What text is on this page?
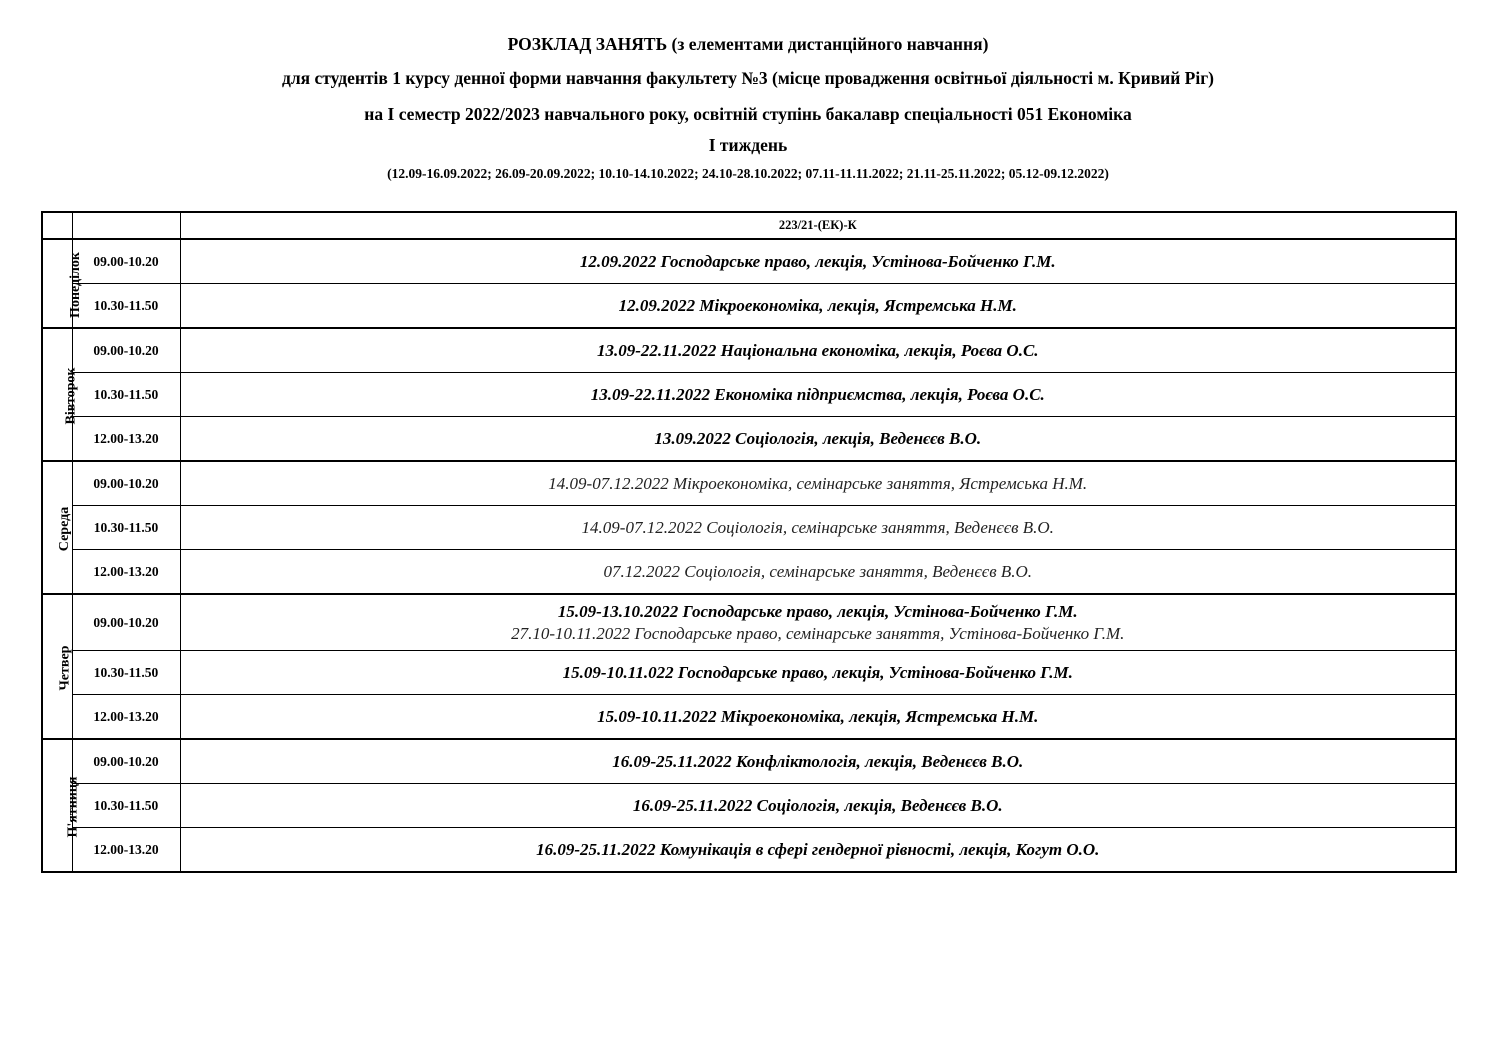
РОЗКЛАД ЗАНЯТЬ (з елементами дистанційного навчання)
для студентів 1 курсу денної форми навчання факультету №3 (місце провадження освітньої діяльності м. Кривий Ріг)
на I семестр 2022/2023 навчального року, освітній ступінь бакалавр спеціальності 051 Економіка
I тиждень
(12.09-16.09.2022; 26.09-20.09.2022; 10.10-14.10.2022; 24.10-28.10.2022; 07.11-11.11.2022; 21.11-25.11.2022; 05.12-09.12.2022)
		223/21-(ЕК)-К
Понеділок	09.00-10.20	12.09.2022 Господарське право, лекція, Устінова-Бойченко Г.М.

	10.30-11.50	12.09.2022 Мікроекономіка, лекція, Ястремська Н.М.

Вівторок	09.00-10.20	13.09-22.11.2022 Національна економіка, лекція, Роєва О.С.

	10.30-11.50	13.09-22.11.2022 Економіка підприємства, лекція, Роєва О.С.

	12.00-13.20	13.09.2022 Соціологія, лекція, Веденєєв В.О.

Середа	09.00-10.20	14.09-07.12.2022 Мікроекономіка, семінарське заняття, Ястремська Н.М.

	10.30-11.50	14.09-07.12.2022 Соціологія, семінарське заняття, Веденєєв В.О.

	12.00-13.20	07.12.2022 Соціологія, семінарське заняття, Веденєєв В.О.

Четвер	09.00-10.20	15.09-13.10.2022 Господарське право, лекція, Устінова-Бойченко Г.М.
27.10-10.11.2022 Господарське право, семінарське заняття, Устінова-Бойченко Г.М.

	10.30-11.50	15.09-10.11.022 Господарське право, лекція, Устінова-Бойченко Г.М.

	12.00-13.20	15.09-10.11.2022 Мікроекономіка, лекція, Ястремська Н.М.

П'ятниця	09.00-10.20	16.09-25.11.2022 Конфліктологія, лекція, Веденєєв В.О.

	10.30-11.50	16.09-25.11.2022 Соціологія, лекція, Веденєєв В.О.

	12.00-13.20	16.09-25.11.2022 Комунікація в сфері гендерної рівності, лекція, Когут О.О.
